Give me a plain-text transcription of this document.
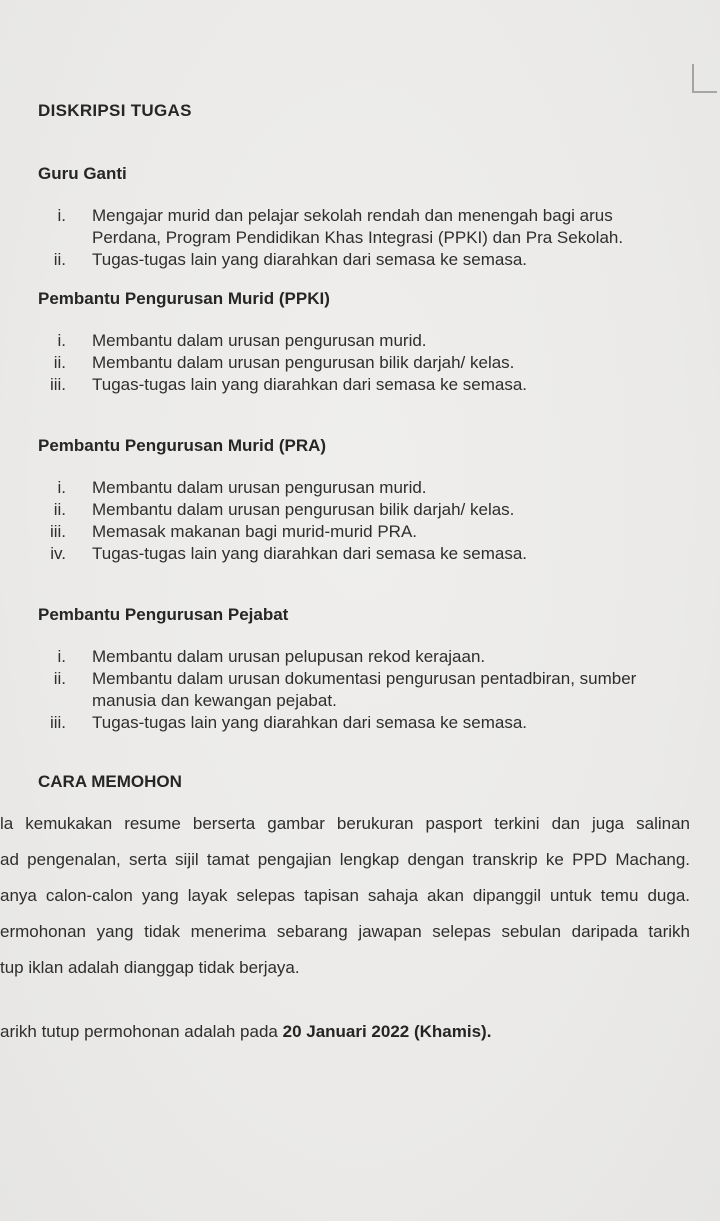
DISKRIPSI TUGAS
Guru Ganti
i. Mengajar murid dan pelajar sekolah rendah dan menengah bagi arus Perdana, Program Pendidikan Khas Integrasi (PPKI) dan Pra Sekolah.
ii. Tugas-tugas lain yang diarahkan dari semasa ke semasa.
Pembantu Pengurusan Murid (PPKI)
i. Membantu dalam urusan pengurusan murid.
ii. Membantu dalam urusan pengurusan bilik darjah/ kelas.
iii. Tugas-tugas lain yang diarahkan dari semasa ke semasa.
Pembantu Pengurusan Murid (PRA)
i. Membantu dalam urusan pengurusan murid.
ii. Membantu dalam urusan pengurusan bilik darjah/ kelas.
iii. Memasak makanan bagi murid-murid PRA.
iv. Tugas-tugas lain yang diarahkan dari semasa ke semasa.
Pembantu Pengurusan Pejabat
i. Membantu dalam urusan pelupusan rekod kerajaan.
ii. Membantu dalam urusan dokumentasi pengurusan pentadbiran, sumber manusia dan kewangan pejabat.
iii. Tugas-tugas lain yang diarahkan dari semasa ke semasa.
CARA MEMOHON
la kemukakan resume berserta gambar berukuran pasport terkini dan juga salinan
ad pengenalan, serta sijil tamat pengajian lengkap dengan transkrip ke PPD Machang.
anya calon-calon yang layak selepas tapisan sahaja akan dipanggil untuk temu duga.
ermohonan yang tidak menerima sebarang jawapan selepas sebulan daripada tarikh
tup iklan adalah dianggap tidak berjaya.
arikh tutup permohonan adalah pada 20 Januari 2022 (Khamis).
